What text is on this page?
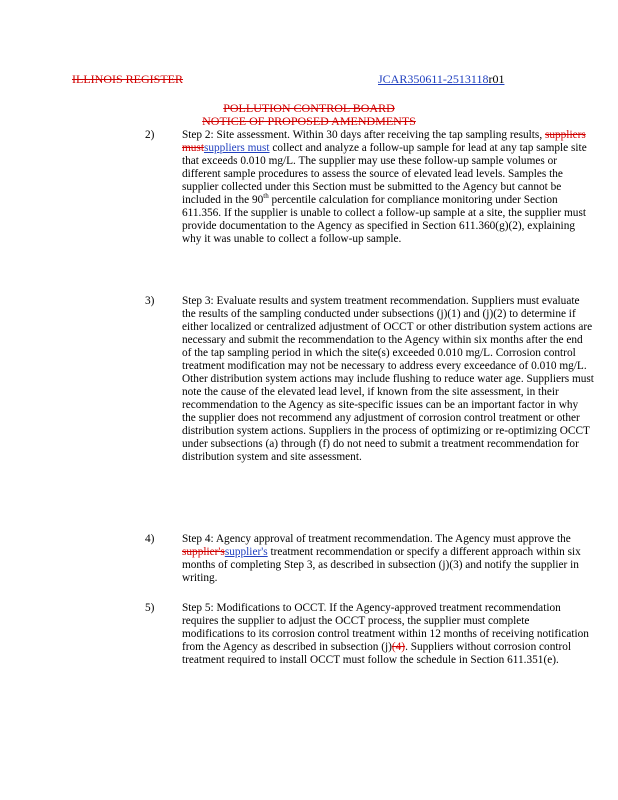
ILLINOIS REGISTER	JCAR350611-2513118r01
POLLUTION CONTROL BOARD
NOTICE OF PROPOSED AMENDMENTS
2)	Step 2: Site assessment. Within 30 days after receiving the tap sampling results, suppliers mustsuppliers must collect and analyze a follow-up sample for lead at any tap sample site that exceeds 0.010 mg/L. The supplier may use these follow-up sample volumes or different sample procedures to assess the source of elevated lead levels. Samples the supplier collected under this Section must be submitted to the Agency but cannot be included in the 90th percentile calculation for compliance monitoring under Section 611.356. If the supplier is unable to collect a follow-up sample at a site, the supplier must provide documentation to the Agency as specified in Section 611.360(g)(2), explaining why it was unable to collect a follow-up sample.

3)	Step 3: Evaluate results and system treatment recommendation. Suppliers must evaluate the results of the sampling conducted under subsections (j)(1) and (j)(2) to determine if either localized or centralized adjustment of OCCT or other distribution system actions are necessary and submit the recommendation to the Agency within six months after the end of the tap sampling period in which the site(s) exceeded 0.010 mg/L. Corrosion control treatment modification may not be necessary to address every exceedance of 0.010 mg/L. Other distribution system actions may include flushing to reduce water age. Suppliers must note the cause of the elevated lead level, if known from the site assessment, in their recommendation to the Agency as site-specific issues can be an important factor in why the supplier does not recommend any adjustment of corrosion control treatment or other distribution system actions. Suppliers in the process of optimizing or re-optimizing OCCT under subsections (a) through (f) do not need to submit a treatment recommendation for distribution system and site assessment.

4)	Step 4: Agency approval of treatment recommendation. The Agency must approve the supplier'ssupplier's treatment recommendation or specify a different approach within six months of completing Step 3, as described in subsection (j)(3) and notify the supplier in writing.

5)	Step 5: Modifications to OCCT. If the Agency-approved treatment recommendation requires the supplier to adjust the OCCT process, the supplier must complete modifications to its corrosion control treatment within 12 months of receiving notification from the Agency as described in subsection (j)(4). Suppliers without corrosion control treatment required to install OCCT must follow the schedule in Section 611.351(e).
